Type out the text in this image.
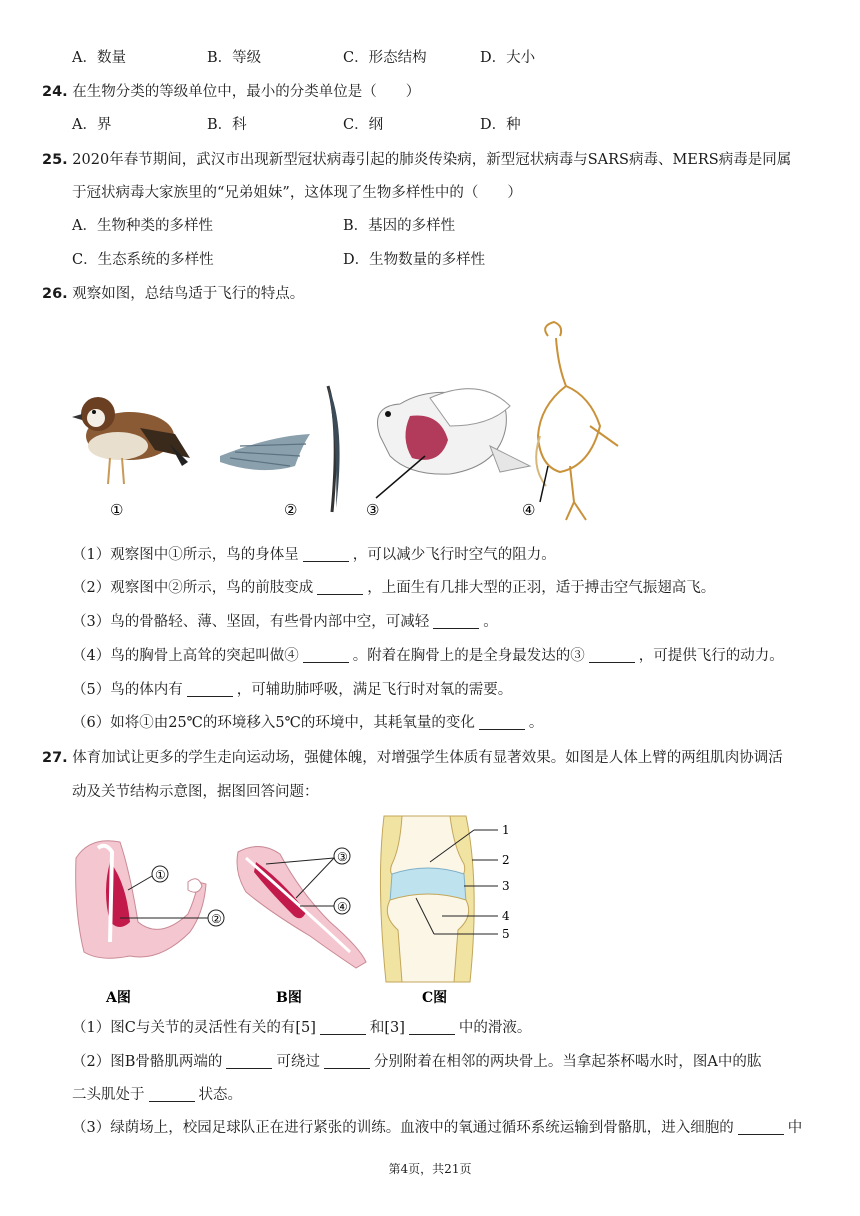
A．数量	B．等级	C．形态结构	D．大小
24. 在生物分类的等级单位中，最小的分类单位是（　　）
A．界	B．科	C．纲	D．种
25. 2020年春节期间，武汉市出现新型冠状病毒引起的肺炎传染病，新型冠状病毒与SARS病毒、MERS病毒是同属
于冠状病毒大家族里的“兄弟姐妹”，这体现了生物多样性中的（　　）
A．生物种类的多样性	B．基因的多样性
C．生态系统的多样性	D．生物数量的多样性
26. 观察如图，总结鸟适于飞行的特点。
①	②	③	④
（1）观察图中①所示，鸟的身体呈	，可以减少飞行时空气的阻力。
（2）观察图中②所示，鸟的前肢变成	，上面生有几排大型的正羽，适于搏击空气振翅高飞。
（3）鸟的骨骼轻、薄、坚固，有些骨内部中空，可减轻	。
（4）鸟的胸骨上高耸的突起叫做④	。附着在胸骨上的是全身最发达的③	，可提供飞行的动力。
（5）鸟的体内有	，可辅助肺呼吸，满足飞行时对氧的需要。
（6）如将①由25℃的环境移入5℃的环境中，其耗氧量的变化	。
27. 体育加试让更多的学生走向运动场，强健体魄，对增强学生体质有显著效果。如图是人体上臂的两组肌肉协调活
动及关节结构示意图，据图回答问题：
①
②
A图
③
④
B图
1
2
3
4
5
C图
（1）图C与关节的灵活性有关的有[5]	和[3]	中的滑液。
（2）图B骨骼肌两端的	可绕过	分别附着在相邻的两块骨上。当拿起茶杯喝水时，图A中的肱
二头肌处于	状态。
（3）绿荫场上，校园足球队正在进行紧张的训练。血液中的氧通过循环系统运输到骨骼肌，进入细胞的	中
第4页，共21页
